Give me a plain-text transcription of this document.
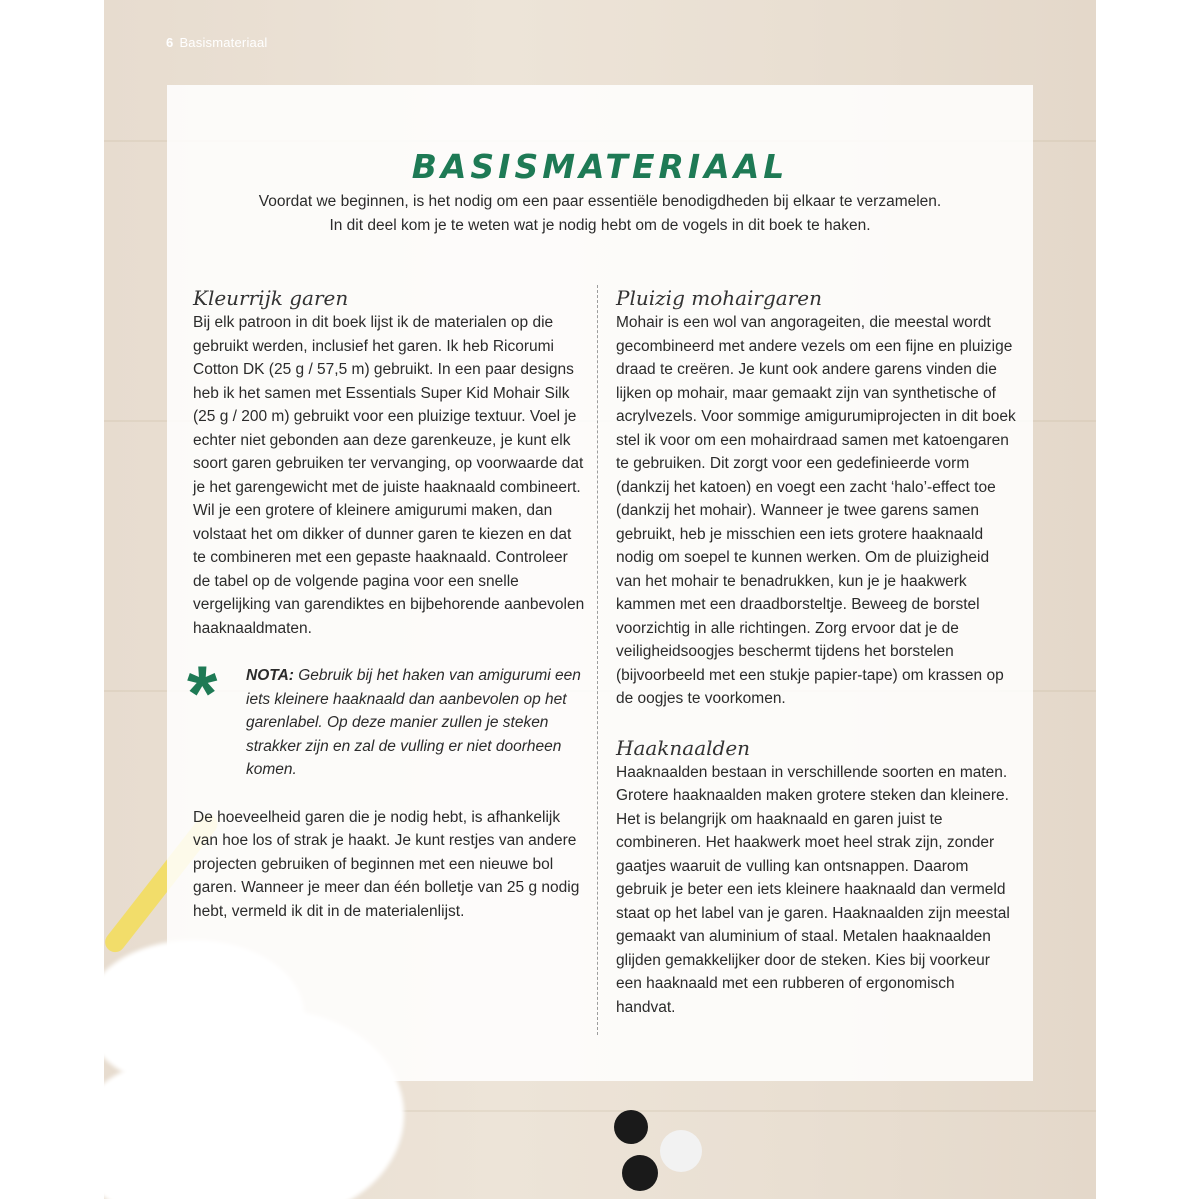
6 Basismateriaal
BASISMATERIAAL
Voordat we beginnen, is het nodig om een paar essentiële benodigdheden bij elkaar te verzamelen.
In dit deel kom je te weten wat je nodig hebt om de vogels in dit boek te haken.
Kleurrijk garen

Bij elk patroon in dit boek lijst ik de materialen op die gebruikt werden, inclusief het garen. Ik heb Ricorumi Cotton DK (25 g / 57,5 m) gebruikt. In een paar designs heb ik het samen met Essentials Super Kid Mohair Silk (25 g / 200 m) gebruikt voor een pluizige textuur. Voel je echter niet gebonden aan deze garenkeuze, je kunt elk soort garen gebruiken ter vervanging, op voorwaarde dat je het garengewicht met de juiste haaknaald combineert. Wil je een grotere of kleinere amigurumi maken, dan volstaat het om dikker of dunner garen te kiezen en dat te combineren met een gepaste haaknaald. Controleer de tabel op de volgende pagina voor een snelle vergelijking van garendiktes en bijbehorende aanbevolen haaknaaldmaten.

* NOTA: Gebruik bij het haken van amigurumi een iets kleinere haaknaald dan aanbevolen op het garenlabel. Op deze manier zullen je steken strakker zijn en zal de vulling er niet doorheen komen.

De hoeveelheid garen die je nodig hebt, is afhankelijk van hoe los of strak je haakt. Je kunt restjes van andere projecten gebruiken of beginnen met een nieuwe bol garen. Wanneer je meer dan één bolletje van 25 g nodig hebt, vermeld ik dit in de materialenlijst.

Pluizig mohairgaren

Mohair is een wol van angorageiten, die meestal wordt gecombineerd met andere vezels om een fijne en pluizige draad te creëren. Je kunt ook andere garens vinden die lijken op mohair, maar gemaakt zijn van synthetische of acrylvezels. Voor sommige amigurumiprojecten in dit boek stel ik voor om een mohairdraad samen met katoengaren te gebruiken. Dit zorgt voor een gedefinieerde vorm (dankzij het katoen) en voegt een zacht ‘halo’-effect toe (dankzij het mohair). Wanneer je twee garens samen gebruikt, heb je misschien een iets grotere haaknaald nodig om soepel te kunnen werken. Om de pluizigheid van het mohair te benadrukken, kun je je haakwerk kammen met een draadborsteltje. Beweeg de borstel voorzichtig in alle richtingen. Zorg ervoor dat je de veiligheidsoogjes beschermt tijdens het borstelen (bijvoorbeeld met een stukje papier-tape) om krassen op de oogjes te voorkomen.

Haaknaalden

Haaknaalden bestaan in verschillende soorten en maten. Grotere haaknaalden maken grotere steken dan kleinere. Het is belangrijk om haaknaald en garen juist te combineren. Het haakwerk moet heel strak zijn, zonder gaatjes waaruit de vulling kan ontsnappen. Daarom gebruik je beter een iets kleinere haaknaald dan vermeld staat op het label van je garen. Haaknaalden zijn meestal gemaakt van aluminium of staal. Metalen haaknaalden glijden gemakkelijker door de steken. Kies bij voorkeur een haaknaald met een rubberen of ergonomisch handvat.
